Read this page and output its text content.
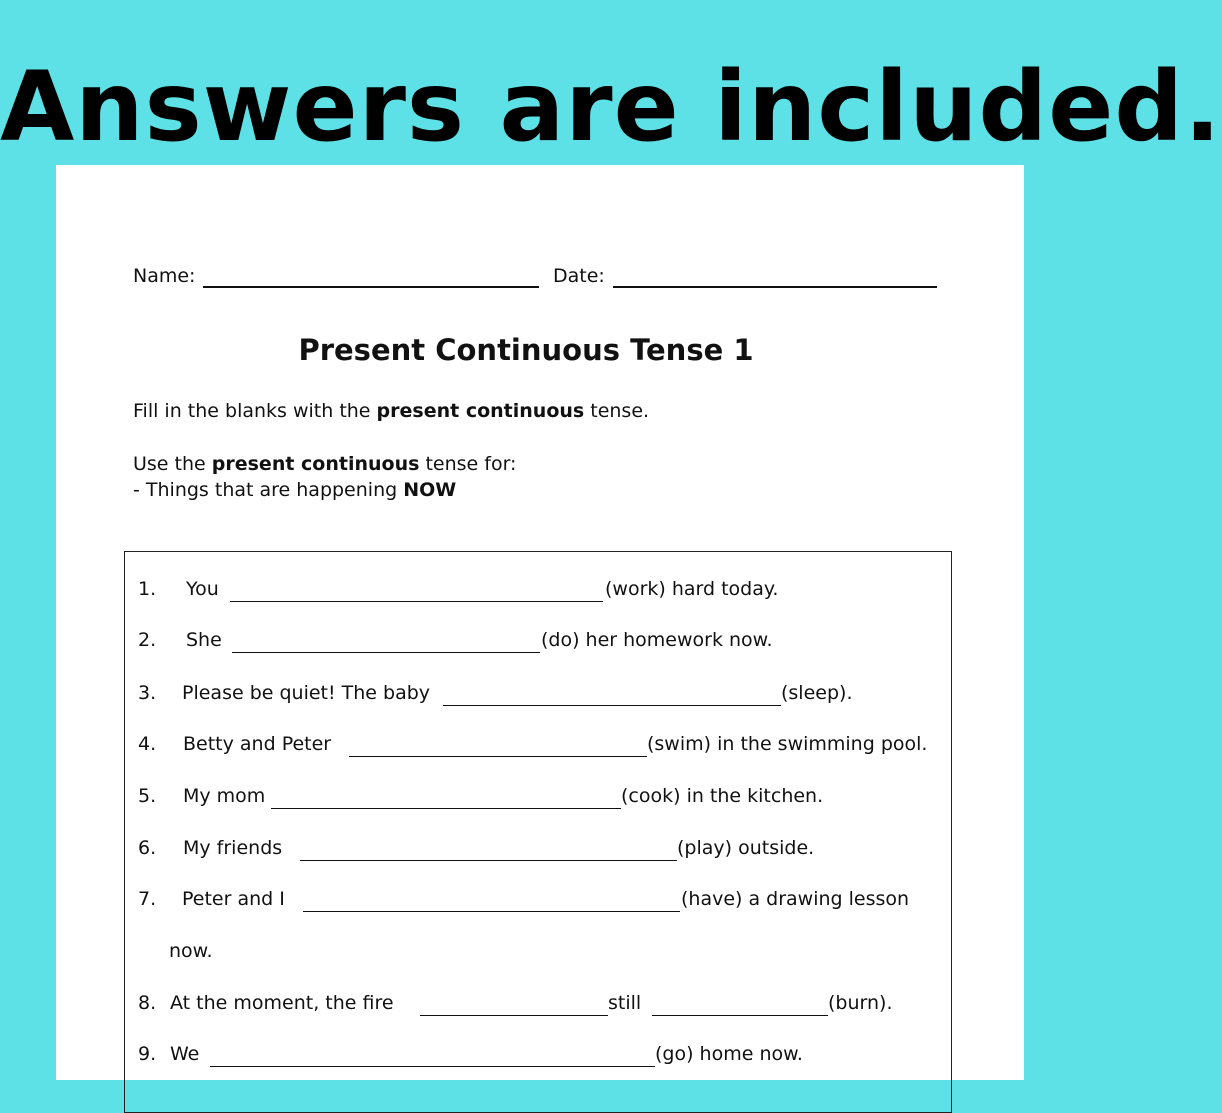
Answers are included.
Name:	Date:
Present Continuous Tense 1
Fill in the blanks with the present continuous tense.
Use the present continuous tense for:
- Things that are happening NOW
1. You	(work) hard today.
2. She	(do) her homework now.
3. Please be quiet! The baby	(sleep).
4. Betty and Peter	(swim) in the swimming pool.
5. My mom	(cook) in the kitchen.
6. My friends	(play) outside.
7. Peter and I	(have) a drawing lesson
now.
8. At the moment, the fire	still	(burn).
9. We	(go) home now.
